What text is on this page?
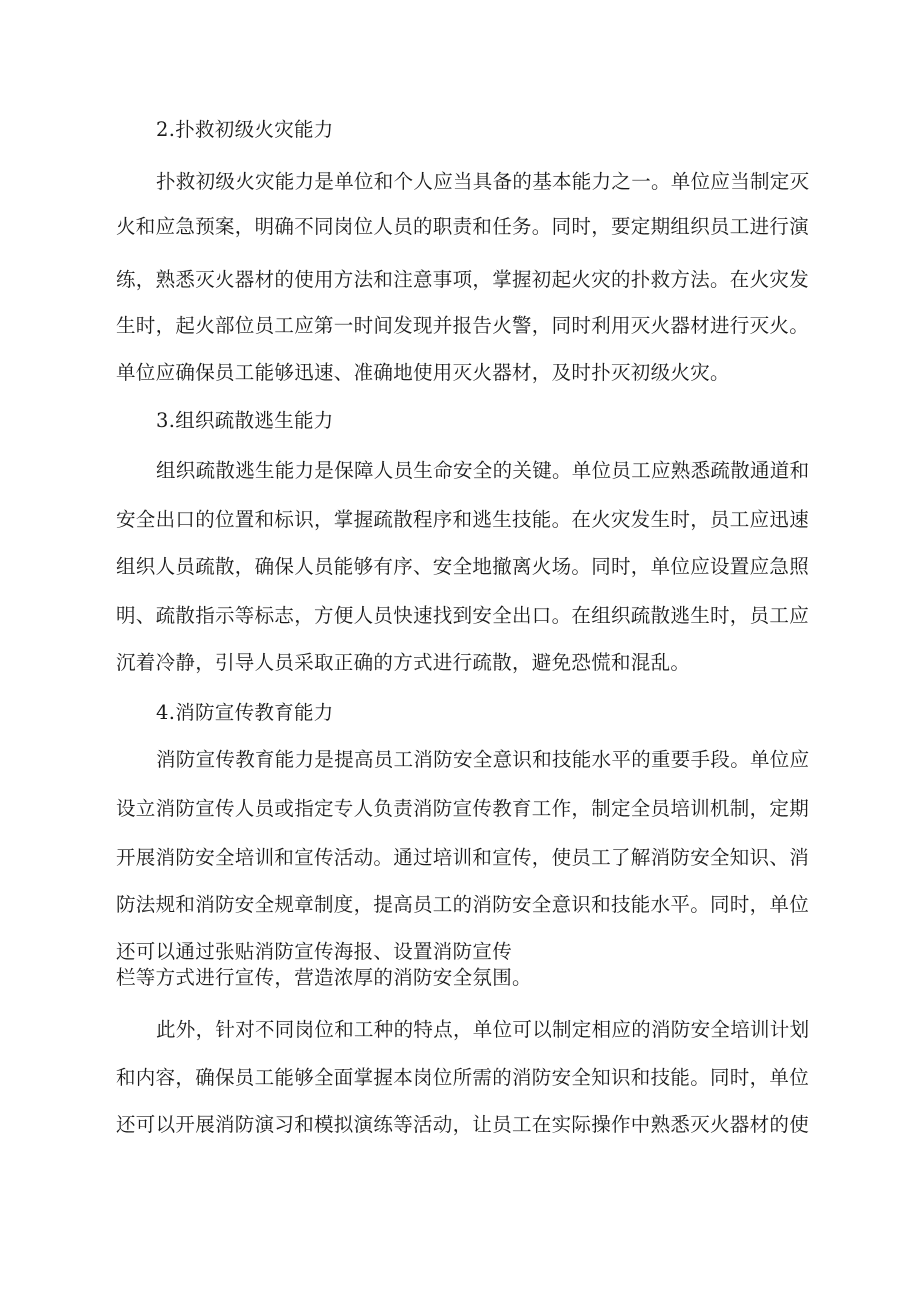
2.扑救初级火灾能力
扑救初级火灾能力是单位和个人应当具备的基本能力之一。单位应当制定灭
火和应急预案，明确不同岗位人员的职责和任务。同时，要定期组织员工进行演
练，熟悉灭火器材的使用方法和注意事项，掌握初起火灾的扑救方法。在火灾发
生时，起火部位员工应第一时间发现并报告火警，同时利用灭火器材进行灭火。
单位应确保员工能够迅速、准确地使用灭火器材，及时扑灭初级火灾。
3.组织疏散逃生能力
组织疏散逃生能力是保障人员生命安全的关键。单位员工应熟悉疏散通道和
安全出口的位置和标识，掌握疏散程序和逃生技能。在火灾发生时，员工应迅速
组织人员疏散，确保人员能够有序、安全地撤离火场。同时，单位应设置应急照
明、疏散指示等标志，方便人员快速找到安全出口。在组织疏散逃生时，员工应
沉着冷静，引导人员采取正确的方式进行疏散，避免恐慌和混乱。
4.消防宣传教育能力
消防宣传教育能力是提高员工消防安全意识和技能水平的重要手段。单位应
设立消防宣传人员或指定专人负责消防宣传教育工作，制定全员培训机制，定期
开展消防安全培训和宣传活动。通过培训和宣传，使员工了解消防安全知识、消
防法规和消防安全规章制度，提高员工的消防安全意识和技能水平。同时，单位
还可以通过张贴消防宣传海报、设置消防宣传
栏等方式进行宣传，营造浓厚的消防安全氛围。
此外，针对不同岗位和工种的特点，单位可以制定相应的消防安全培训计划
和内容，确保员工能够全面掌握本岗位所需的消防安全知识和技能。同时，单位
还可以开展消防演习和模拟演练等活动，让员工在实际操作中熟悉灭火器材的使
